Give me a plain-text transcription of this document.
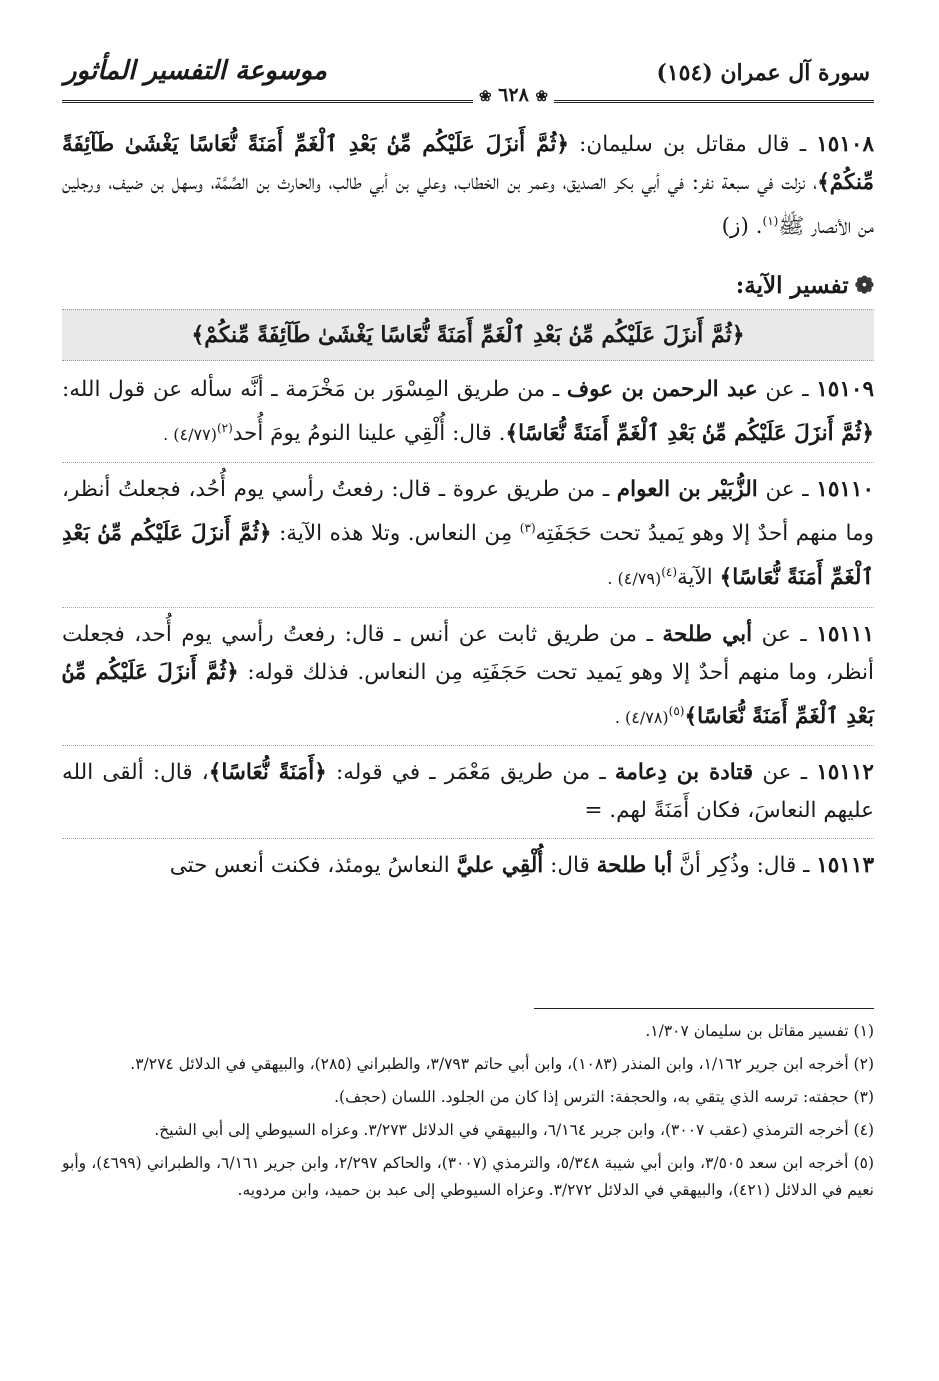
سورة آل عمران (١٥٤)
موسوعة التفسير المأثور
❀ ٦٢٨ ❀

١٥١٠٨ ـ قال مقاتل بن سليمان: ﴿ثُمَّ أَنزَلَ عَلَيْكُم مِّنۢ بَعْدِ ٱلْغَمِّ أَمَنَةً نُّعَاسًا يَغْشَىٰ طَآئِفَةً مِّنكُمْ﴾، نزلت في سبعة نفر: في أبي بكر الصديق، وعمر بن الخطاب، وعلي بن أبي طالب، والحارث بن الصِّمَّة، وسهل بن ضيف، ورجلين من الأنصار ﷺ$^{(١)}$. (ز)

❁تفسير الآية:
﴿ثُمَّ أَنزَلَ عَلَيْكُم مِّنۢ بَعْدِ ٱلْغَمِّ أَمَنَةً نُّعَاسًا يَغْشَىٰ طَآئِفَةً مِّنكُمْ﴾

١٥١٠٩ ـ عن عبد الرحمن بن عوف ـ من طريق المِسْوَر بن مَخْرَمة ـ أنَّه سأله عن قول الله: ﴿ثُمَّ أَنزَلَ عَلَيْكُم مِّنۢ بَعْدِ ٱلْغَمِّ أَمَنَةً نُّعَاسًا﴾. قال: أُلْقِي علينا النومُ يومَ أُحد$^{(٢)}$. (٤/٧٧)

١٥١١٠ ـ عن الزُّبَيْر بن العوام ـ من طريق عروة ـ قال: رفعتُ رأسي يوم أُحُد، فجعلتُ أنظر، وما منهم أحدٌ إلا وهو يَميدُ تحت حَجَفَتِه$^{(٣)}$ مِن النعاس. وتلا هذه الآية: ﴿ثُمَّ أَنزَلَ عَلَيْكُم مِّنۢ بَعْدِ ٱلْغَمِّ أَمَنَةً نُّعَاسًا﴾ الآية$^{(٤)}$. (٤/٧٩)

١٥١١١ ـ عن أبي طلحة ـ من طريق ثابت عن أنس ـ قال: رفعتُ رأسي يوم أُحد، فجعلت أنظر، وما منهم أحدٌ إلا وهو يَميد تحت حَجَفَتِه مِن النعاس. فذلك قوله: ﴿ثُمَّ أَنزَلَ عَلَيْكُم مِّنۢ بَعْدِ ٱلْغَمِّ أَمَنَةً نُّعَاسًا﴾$^{(٥)}$. (٤/٧٨)

١٥١١٢ ـ عن قتادة بن دِعامة ـ من طريق مَعْمَر ـ في قوله: ﴿أَمَنَةً نُّعَاسًا﴾، قال: ألقى الله عليهم النعاسَ، فكان أَمَنَةً لهم. =

١٥١١٣ ـ قال: وذُكِر أنَّ أبا طلحة قال: أُلْقِي عليَّ النعاسُ يومئذ، فكنت أنعس حتى

(١) تفسير مقاتل بن سليمان ١/٣٠٧.

(٢) أخرجه ابن جرير ١/١٦٢، وابن المنذر (١٠٨٣)، وابن أبي حاتم ٣/٧٩٣، والطبراني (٢٨٥)، والبيهقي في الدلائل ٣/٢٧٤.

(٣) حجفته: ترسه الذي يتقي به، والحجفة: الترس إذا كان من الجلود. اللسان (حجف).

(٤) أخرجه الترمذي (عقب ٣٠٠٧)، وابن جرير ٦/١٦٤، والبيهقي في الدلائل ٣/٢٧٣. وعزاه السيوطي إلى أبي الشيخ.

(٥) أخرجه ابن سعد ٣/٥٠٥، وابن أبي شيبة ٥/٣٤٨، والترمذي (٣٠٠٧)، والحاكم ٢/٢٩٧، وابن جرير ٦/١٦١، والطبراني (٤٦٩٩)، وأبو نعيم في الدلائل (٤٢١)، والبيهقي في الدلائل ٣/٢٧٢. وعزاه السيوطي إلى عبد بن حميد، وابن مردويه.
